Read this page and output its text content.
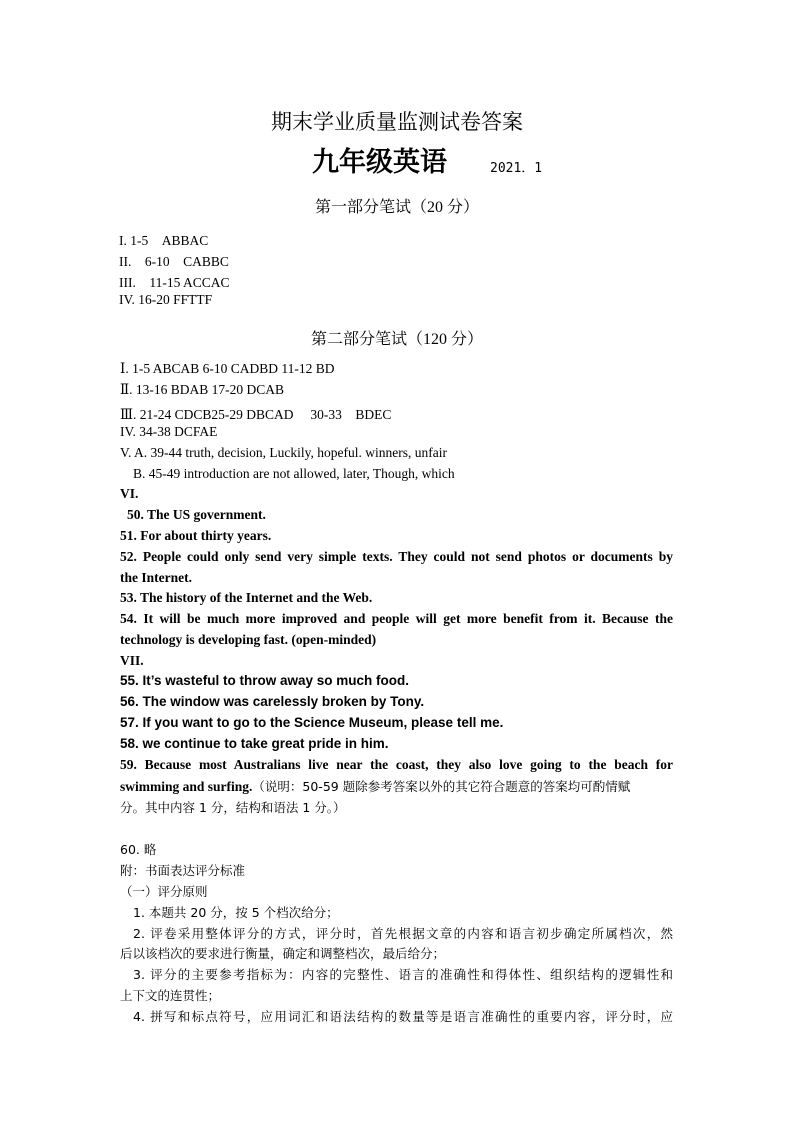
期末学业质量监测试卷答案
九年级英语	2021．1
第一部分笔试（20 分）
I. 1-5　ABBAC
II.　6-10　CABBC
III.　11-15 ACCAC
IV. 16-20 FFTTF
第二部分笔试（120 分）
Ⅰ. 1-5 ABCAB 6-10 CADBD 11-12 BD
Ⅱ. 13-16 BDAB 17-20 DCAB
Ⅲ. 21-24 CDCB25-29 DBCAD　 30-33　BDEC
IV. 34-38 DCFAE
V. A. 39-44 truth, decision, Luckily, hopeful. winners, unfair
B. 45-49 introduction are not allowed, later, Though, which
VI.
50. The US government.
51. For about thirty years.
52. People could only send very simple texts. They could not send photos or documents by
the Internet.
53. The history of the Internet and the Web.
54. It will be much more improved and people will get more benefit from it. Because the
technology is developing fast. (open-minded)
VII.
55. It’s wasteful to throw away so much food.
56. The window was carelessly broken by Tony.
57. If you want to go to the Science Museum, please tell me.
58. we continue to take great pride in him.
59. Because most Australians live near the coast, they also love going to the beach for
swimming and surfing.（说明：50-59 题除参考答案以外的其它符合题意的答案均可酌情赋
分。其中内容 1 分，结构和语法 1 分。）
60. 略
附：书面表达评分标准
（一）评分原则
1. 本题共 20 分，按 5 个档次给分；
2. 评卷采用整体评分的方式，评分时，首先根据文章的内容和语言初步确定所属档次，然
后以该档次的要求进行衡量，确定和调整档次，最后给分；
3. 评分的主要参考指标为：内容的完整性、语言的准确性和得体性、组织结构的逻辑性和
上下文的连贯性；
4. 拼写和标点符号，应用词汇和语法结构的数量等是语言准确性的重要内容，评分时，应
